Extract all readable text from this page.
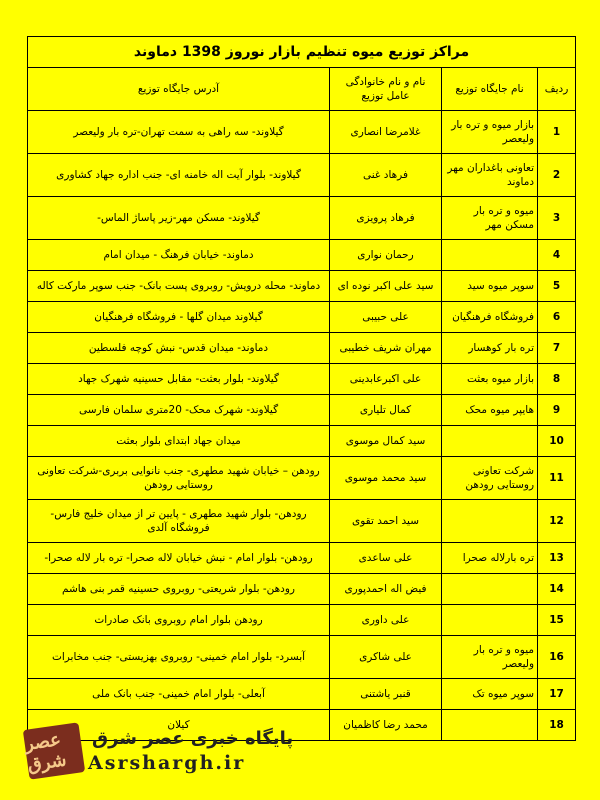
مراکز توزیع میوه تنظیم بازار نوروز 1398 دماوند			
ردیف	نام جایگاه توزیع	نام و نام خانوادگی عامل توزیع	آدرس جایگاه توزیع
1	بازار میوه و تره بار ولیعصر	غلامرضا انصاری	گیلاوند- سه راهی به سمت تهران-تره بار ولیعصر
2	تعاونی باغداران مهر دماوند	فرهاد غنی	گیلاوند- بلوار آیت اله خامنه ای- جنب اداره جهاد کشاوری
3	میوه و تره بار مسکن مهر	فرهاد پرویزی	گیلاوند- مسکن مهر-زیر پاساژ الماس-
4		رحمان نواری	دماوند- خیابان فرهنگ - میدان امام
5	سوپر میوه سید	سید علی اکبر نوده ای	دماوند- محله درویش- روبروی پست بانک- جنب سوپر مارکت کاله
6	فروشگاه فرهنگیان	علی حبیبی	گیلاوند میدان گلها - فروشگاه فرهنگیان
7	تره بار کوهسار	مهران شریف خطیبی	دماوند- میدان قدس- نبش کوچه فلسطین
8	بازار میوه بعثت	علی اکبرعابدینی	گیلاوند- بلوار بعثت- مقابل حسینیه شهرک جهاد
9	هایپر میوه محک	کمال تلیاری	گیلاوند- شهرک محک- 20متری سلمان فارسی
10		سید کمال موسوی	میدان جهاد ابتدای بلوار بعثت
11	شرکت تعاونی روستایی رودهن	سید محمد موسوی	رودهن – خیابان شهید مطهری- جنب نانوایی بربری-شرکت تعاونی روستایی رودهن
12		سید احمد تقوی	رودهن- بلوار شهید مطهری - پایین تر از میدان خلیج فارس- فروشگاه آلدی
13	تره بارلاله صحرا	علی ساعدی	رودهن- بلوار امام - نبش خیابان لاله صحرا- تره بار لاله صحرا-
14		فیض اله احمدپوری	رودهن- بلوار شریعتی- روبروی حسینیه قمر بنی هاشم
15		علی داوری	رودهن بلوار امام روبروی بانک صادرات
16	میوه و تره بار ولیعصر	علی شاکری	آبسرد- بلوار امام خمینی- روبروی بهزیستی- جنب مخابرات
17	سوپر میوه تک	قنبر یاشتنی	آبعلی- بلوار امام خمینی- جنب بانک ملی
18		محمد رضا کاظمیان	کیلان
عصر شرق
پایگاه خبری عصر شرق
Asrshargh.ir
